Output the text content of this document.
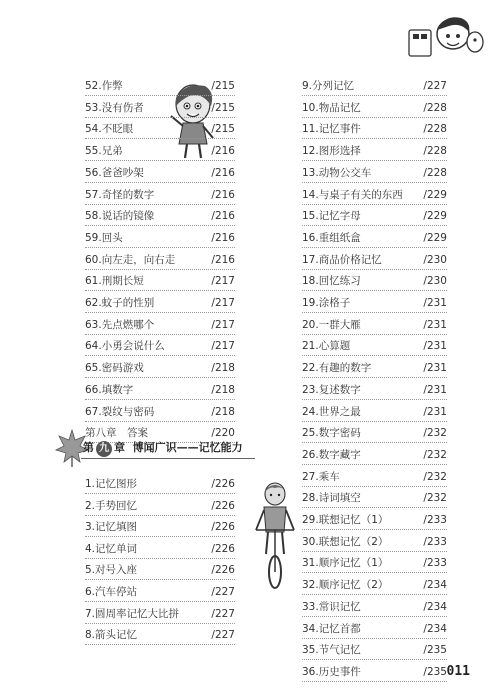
52.作弊	/215
53.没有伤者	/215
54.不眨眼	/215
55.兄弟	/216
56.爸爸吵架	/216
57.奇怪的数字	/216
58.说话的镜像	/216
59.回头	/216
60.向左走，向右走	/216
61.刑期长短	/217
62.蚊子的性别	/217
63.先点燃哪个	/217
64.小勇会说什么	/217
65.密码游戏	/218
66.填数字	/218
67.裂纹与密码	/218
第八章　答案	/220
第 九 章 博闻广识——记忆能力
1.记忆图形	/226
2.手势回忆	/226
3.记忆填图	/226
4.记忆单词	/226
5.对号入座	/226
6.汽车停站	/227
7.圆周率记忆大比拼	/227
8.箭头记忆	/227
9.分列记忆	/227
10.物品记忆	/228
11.记忆事件	/228
12.图形选择	/228
13.动物公交车	/228
14.与桌子有关的东西 /229
15.记忆字母	/229
16.重组纸盒	/229
17.商品价格记忆	/230
18.回忆练习	/230
19.涂格子	/231
20.一群大雁	/231
21.心算题	/231
22.有趣的数字	/231
23.复述数字	/231
24.世界之最	/231
25.数字密码	/232
26.数字藏字	/232
27.乘车	/232
28.诗词填空	/232
29.联想记忆（1）	/233
30.联想记忆（2）	/233
31.顺序记忆（1）	/233
32.顺序记忆（2）	/234
33.常识记忆	/234
34.记忆首都	/234
35.节气记忆	/235
36.历史事件	/235 011
